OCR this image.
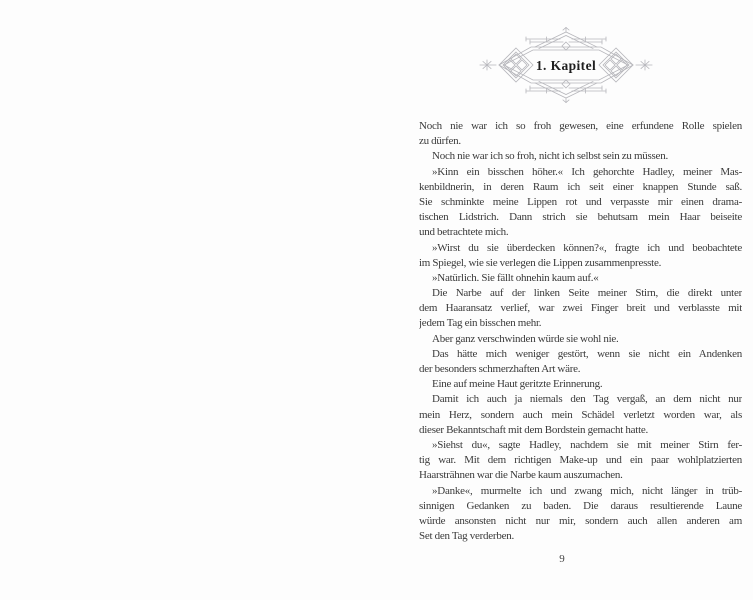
1. Kapitel
Noch nie war ich so froh gewesen, eine erfundene Rolle spielen
zu dürfen.
Noch nie war ich so froh, nicht ich selbst sein zu müssen.
»Kinn ein bisschen höher.« Ich gehorchte Hadley, meiner Mas-
kenbildnerin, in deren Raum ich seit einer knappen Stunde saß.
Sie schminkte meine Lippen rot und verpasste mir einen drama-
tischen Lidstrich. Dann strich sie behutsam mein Haar beiseite
und betrachtete mich.
»Wirst du sie überdecken können?«, fragte ich und beobachtete
im Spiegel, wie sie verlegen die Lippen zusammenpresste.
»Natürlich. Sie fällt ohnehin kaum auf.«
Die Narbe auf der linken Seite meiner Stirn, die direkt unter
dem Haaransatz verlief, war zwei Finger breit und verblasste mit
jedem Tag ein bisschen mehr.
Aber ganz verschwinden würde sie wohl nie.
Das hätte mich weniger gestört, wenn sie nicht ein Andenken
der besonders schmerzhaften Art wäre.
Eine auf meine Haut geritzte Erinnerung.
Damit ich auch ja niemals den Tag vergaß, an dem nicht nur
mein Herz, sondern auch mein Schädel verletzt worden war, als
dieser Bekanntschaft mit dem Bordstein gemacht hatte.
»Siehst du«, sagte Hadley, nachdem sie mit meiner Stirn fer-
tig war. Mit dem richtigen Make-up und ein paar wohlplatzierten
Haarsträhnen war die Narbe kaum auszumachen.
»Danke«, murmelte ich und zwang mich, nicht länger in trüb-
sinnigen Gedanken zu baden. Die daraus resultierende Laune
würde ansonsten nicht nur mir, sondern auch allen anderen am
Set den Tag verderben.
9
